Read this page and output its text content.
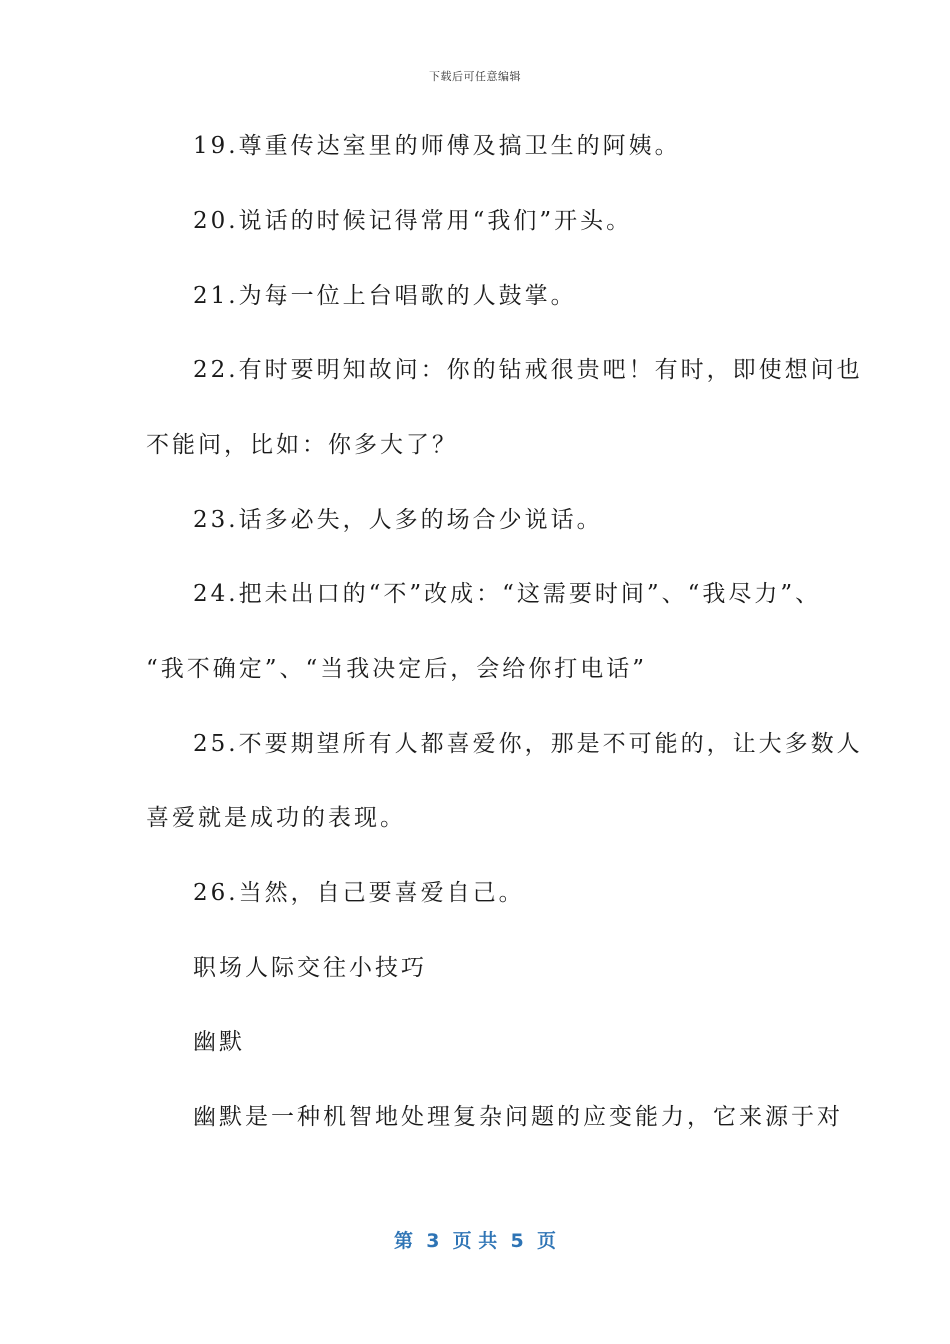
下载后可任意编辑
19.尊重传达室里的师傅及搞卫生的阿姨。
20.说话的时候记得常用“我们”开头。
21.为每一位上台唱歌的人鼓掌。
22.有时要明知故问：你的钻戒很贵吧！有时，即使想问也
不能问，比如：你多大了？
23.话多必失，人多的场合少说话。
24.把未出口的“不”改成：“这需要时间”、“我尽力”、
“我不确定”、“当我决定后，会给你打电话”
25.不要期望所有人都喜爱你，那是不可能的，让大多数人
喜爱就是成功的表现。
26.当然，自己要喜爱自己。
职场人际交往小技巧
幽默
幽默是一种机智地处理复杂问题的应变能力，它来源于对
第  3  页 共  5  页
